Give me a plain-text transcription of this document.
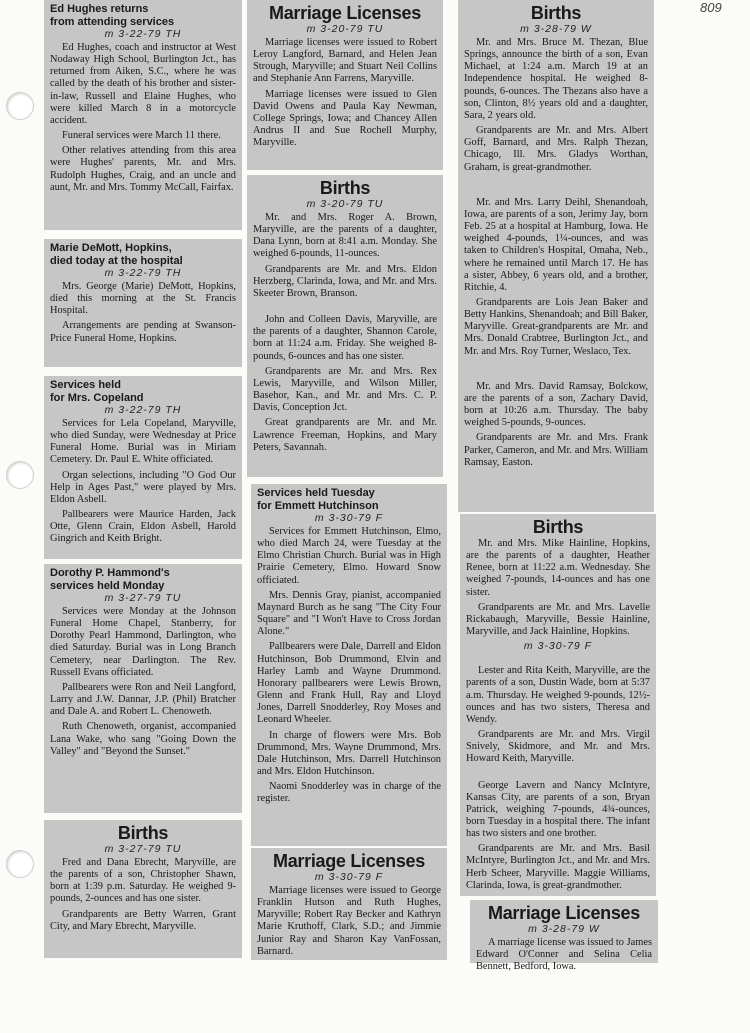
809
Ed Hughes returns
from attending services
m 3-22-79 TH

Ed Hughes, coach and instructor at West Nodaway High School, Burlington Jct., has returned from Aiken, S.C., where he was called by the death of his brother and sister-in-law, Russell and Elaine Hughes, who were killed March 8 in a motorcycle accident.

Funeral services were March 11 there.

Other relatives attending from this area were Hughes' parents, Mr. and Mrs. Rudolph Hughes, Craig, and an uncle and aunt, Mr. and Mrs. Tommy McCall, Fairfax.

Marie DeMott, Hopkins,
died today at the hospital
m 3-22-79 TH

Mrs. George (Marie) DeMott, Hopkins, died this morning at the St. Francis Hospital.

Arrangements are pending at Swanson-Price Funeral Home, Hopkins.

Services held
for Mrs. Copeland
m 3-22-79 TH

Services for Lela Copeland, Maryville, who died Sunday, were Wednesday at Price Funeral Home. Burial was in Miriam Cemetery. Dr. Paul E. White officiated.

Organ selections, including "O God Our Help in Ages Past," were played by Mrs. Eldon Asbell.

Pallbearers were Maurice Harden, Jack Otte, Glenn Crain, Eldon Asbell, Harold Gingrich and Keith Bright.

Dorothy P. Hammond's
services held Monday
m 3-27-79 TU

Services were Monday at the Johnson Funeral Home Chapel, Stanberry, for Dorothy Pearl Hammond, Darlington, who died Saturday. Burial was in Long Branch Cemetery, near Darlington. The Rev. Russell Evans officiated.

Pallbearers were Ron and Neil Langford, Larry and J.W. Dannar, J.P. (Phil) Bratcher and Dale A. and Robert L. Chenoweth.

Ruth Chenoweth, organist, accompanied Lana Wake, who sang "Going Down the Valley" and "Beyond the Sunset."

Births
m 3-27-79 TU

Fred and Dana Ebrecht, Maryville, are the parents of a son, Christopher Shawn, born at 1:39 p.m. Saturday. He weighed 9-pounds, 2-ounces and has one sister.

Grandparents are Betty Warren, Grant City, and Mary Ebrecht, Maryville.

Marriage Licenses
m 3-20-79 TU

Marriage licenses were issued to Robert Leroy Langford, Barnard, and Helen Jean Strough, Maryville; and Stuart Neil Collins and Stephanie Ann Farrens, Maryville.

Marriage licenses were issued to Glen David Owens and Paula Kay Newman, College Springs, Iowa; and Chancey Allen Andrus II and Sue Rochell Murphy, Maryville.

Births
m 3-20-79 TU

Mr. and Mrs. Roger A. Brown, Maryville, are the parents of a daughter, Dana Lynn, born at 8:41 a.m. Monday. She weighed 6-pounds, 11-ounces.

Grandparents are Mr. and Mrs. Eldon Herzberg, Clarinda, Iowa, and Mr. and Mrs. Skeeter Brown, Branson.

John and Colleen Davis, Maryville, are the parents of a daughter, Shannon Carole, born at 11:24 a.m. Friday. She weighed 8-pounds, 6-ounces and has one sister.

Grandparents are Mr. and Mrs. Rex Lewis, Maryville, and Wilson Miller, Basehor, Kan., and Mr. and Mrs. C. P. Davis, Conception Jct.

Great grandparents are Mr. and Mr. Lawrence Freeman, Hopkins, and Mary Peters, Savannah.

Services held Tuesday
for Emmett Hutchinson
m 3-30-79 F

Services for Emmett Hutchinson, Elmo, who died March 24, were Tuesday at the Elmo Christian Church. Burial was in High Prairie Cemetery, Elmo. Howard Snow officiated.

Mrs. Dennis Gray, pianist, accompanied Maynard Burch as he sang "The City Four Square" and "I Won't Have to Cross Jordan Alone."

Pallbearers were Dale, Darrell and Eldon Hutchinson, Bob Drummond, Elvin and Harley Lamb and Wayne Drummond. Honorary pallbearers were Lewis Brown, Glenn and Frank Hull, Ray and Lloyd Jones, Darrell Snodderley, Roy Moses and Leonard Wheeler.

In charge of flowers were Mrs. Bob Drummond, Mrs. Wayne Drummond, Mrs. Dale Hutchinson, Mrs. Darrell Hutchinson and Mrs. Eldon Hutchinson.

Naomi Snodderley was in charge of the register.

Marriage Licenses
m 3-30-79 F

Marriage licenses were issued to George Franklin Hutson and Ruth Hughes, Maryville; Robert Ray Becker and Kathryn Marie Kruthoff, Clark, S.D.; and Jimmie Junior Ray and Sharon Kay VanFossan, Barnard.

Births
m 3-28-79 W

Mr. and Mrs. Bruce M. Thezan, Blue Springs, announce the birth of a son, Evan Michael, at 1:24 a.m. March 19 at an Independence hospital. He weighed 8-pounds, 6-ounces. The Thezans also have a son, Clinton, 8½ years old and a daughter, Sara, 2 years old.

Grandparents are Mr. and Mrs. Albert Goff, Barnard, and Mrs. Ralph Thezan, Chicago, Ill. Mrs. Gladys Worthan, Graham, is great-grandmother.

Mr. and Mrs. Larry Deihl, Shenandoah, Iowa, are parents of a son, Jerimy Jay, born Feb. 25 at a hospital at Hamburg, Iowa. He weighed 4-pounds, 1¼-ounces, and was taken to Children's Hospital, Omaha, Neb., where he remained until March 17. He has a sister, Abbey, 6 years old, and a brother, Ritchie, 4.

Grandparents are Lois Jean Baker and Betty Hankins, Shenandoah; and Bill Baker, Maryville. Great-grandparents are Mr. and Mrs. Donald Crabtree, Burlington Jct., and Mr. and Mrs. Roy Turner, Weslaco, Tex.

Mr. and Mrs. David Ramsay, Bolckow, are the parents of a son, Zachary David, born at 10:26 a.m. Thursday. The baby weighed 5-pounds, 9-ounces.

Grandparents are Mr. and Mrs. Frank Parker, Cameron, and Mr. and Mrs. William Ramsay, Easton.

Births

Mr. and Mrs. Mike Hainline, Hopkins, are the parents of a daughter, Heather Renee, born at 11:22 a.m. Wednesday. She weighed 7-pounds, 14-ounces and has one sister.

Grandparents are Mr. and Mrs. Lavelle Rickabaugh, Maryville, Bessie Hainline, Maryville, and Jack Hainline, Hopkins.

m 3-30-79 F

Lester and Rita Keith, Maryville, are the parents of a son, Dustin Wade, born at 5:37 a.m. Thursday. He weighed 9-pounds, 12½-ounces and has two sisters, Theresa and Wendy.

Grandparents are Mr. and Mrs. Virgil Snively, Skidmore, and Mr. and Mrs. Howard Keith, Maryville.

George Lavern and Nancy McIntyre, Kansas City, are parents of a son, Bryan Patrick, weighing 7-pounds, 4¾-ounces, born Tuesday in a hospital there. The infant has two sisters and one brother.

Grandparents are Mr. and Mrs. Basil McIntyre, Burlington Jct., and Mr. and Mrs. Herb Scheer, Maryville. Maggie Williams, Clarinda, Iowa, is great-grandmother.

Marriage Licenses
m 3-28-79 W

A marriage license was issued to James Edward O'Conner and Selina Celia Bennett, Bedford, Iowa.
